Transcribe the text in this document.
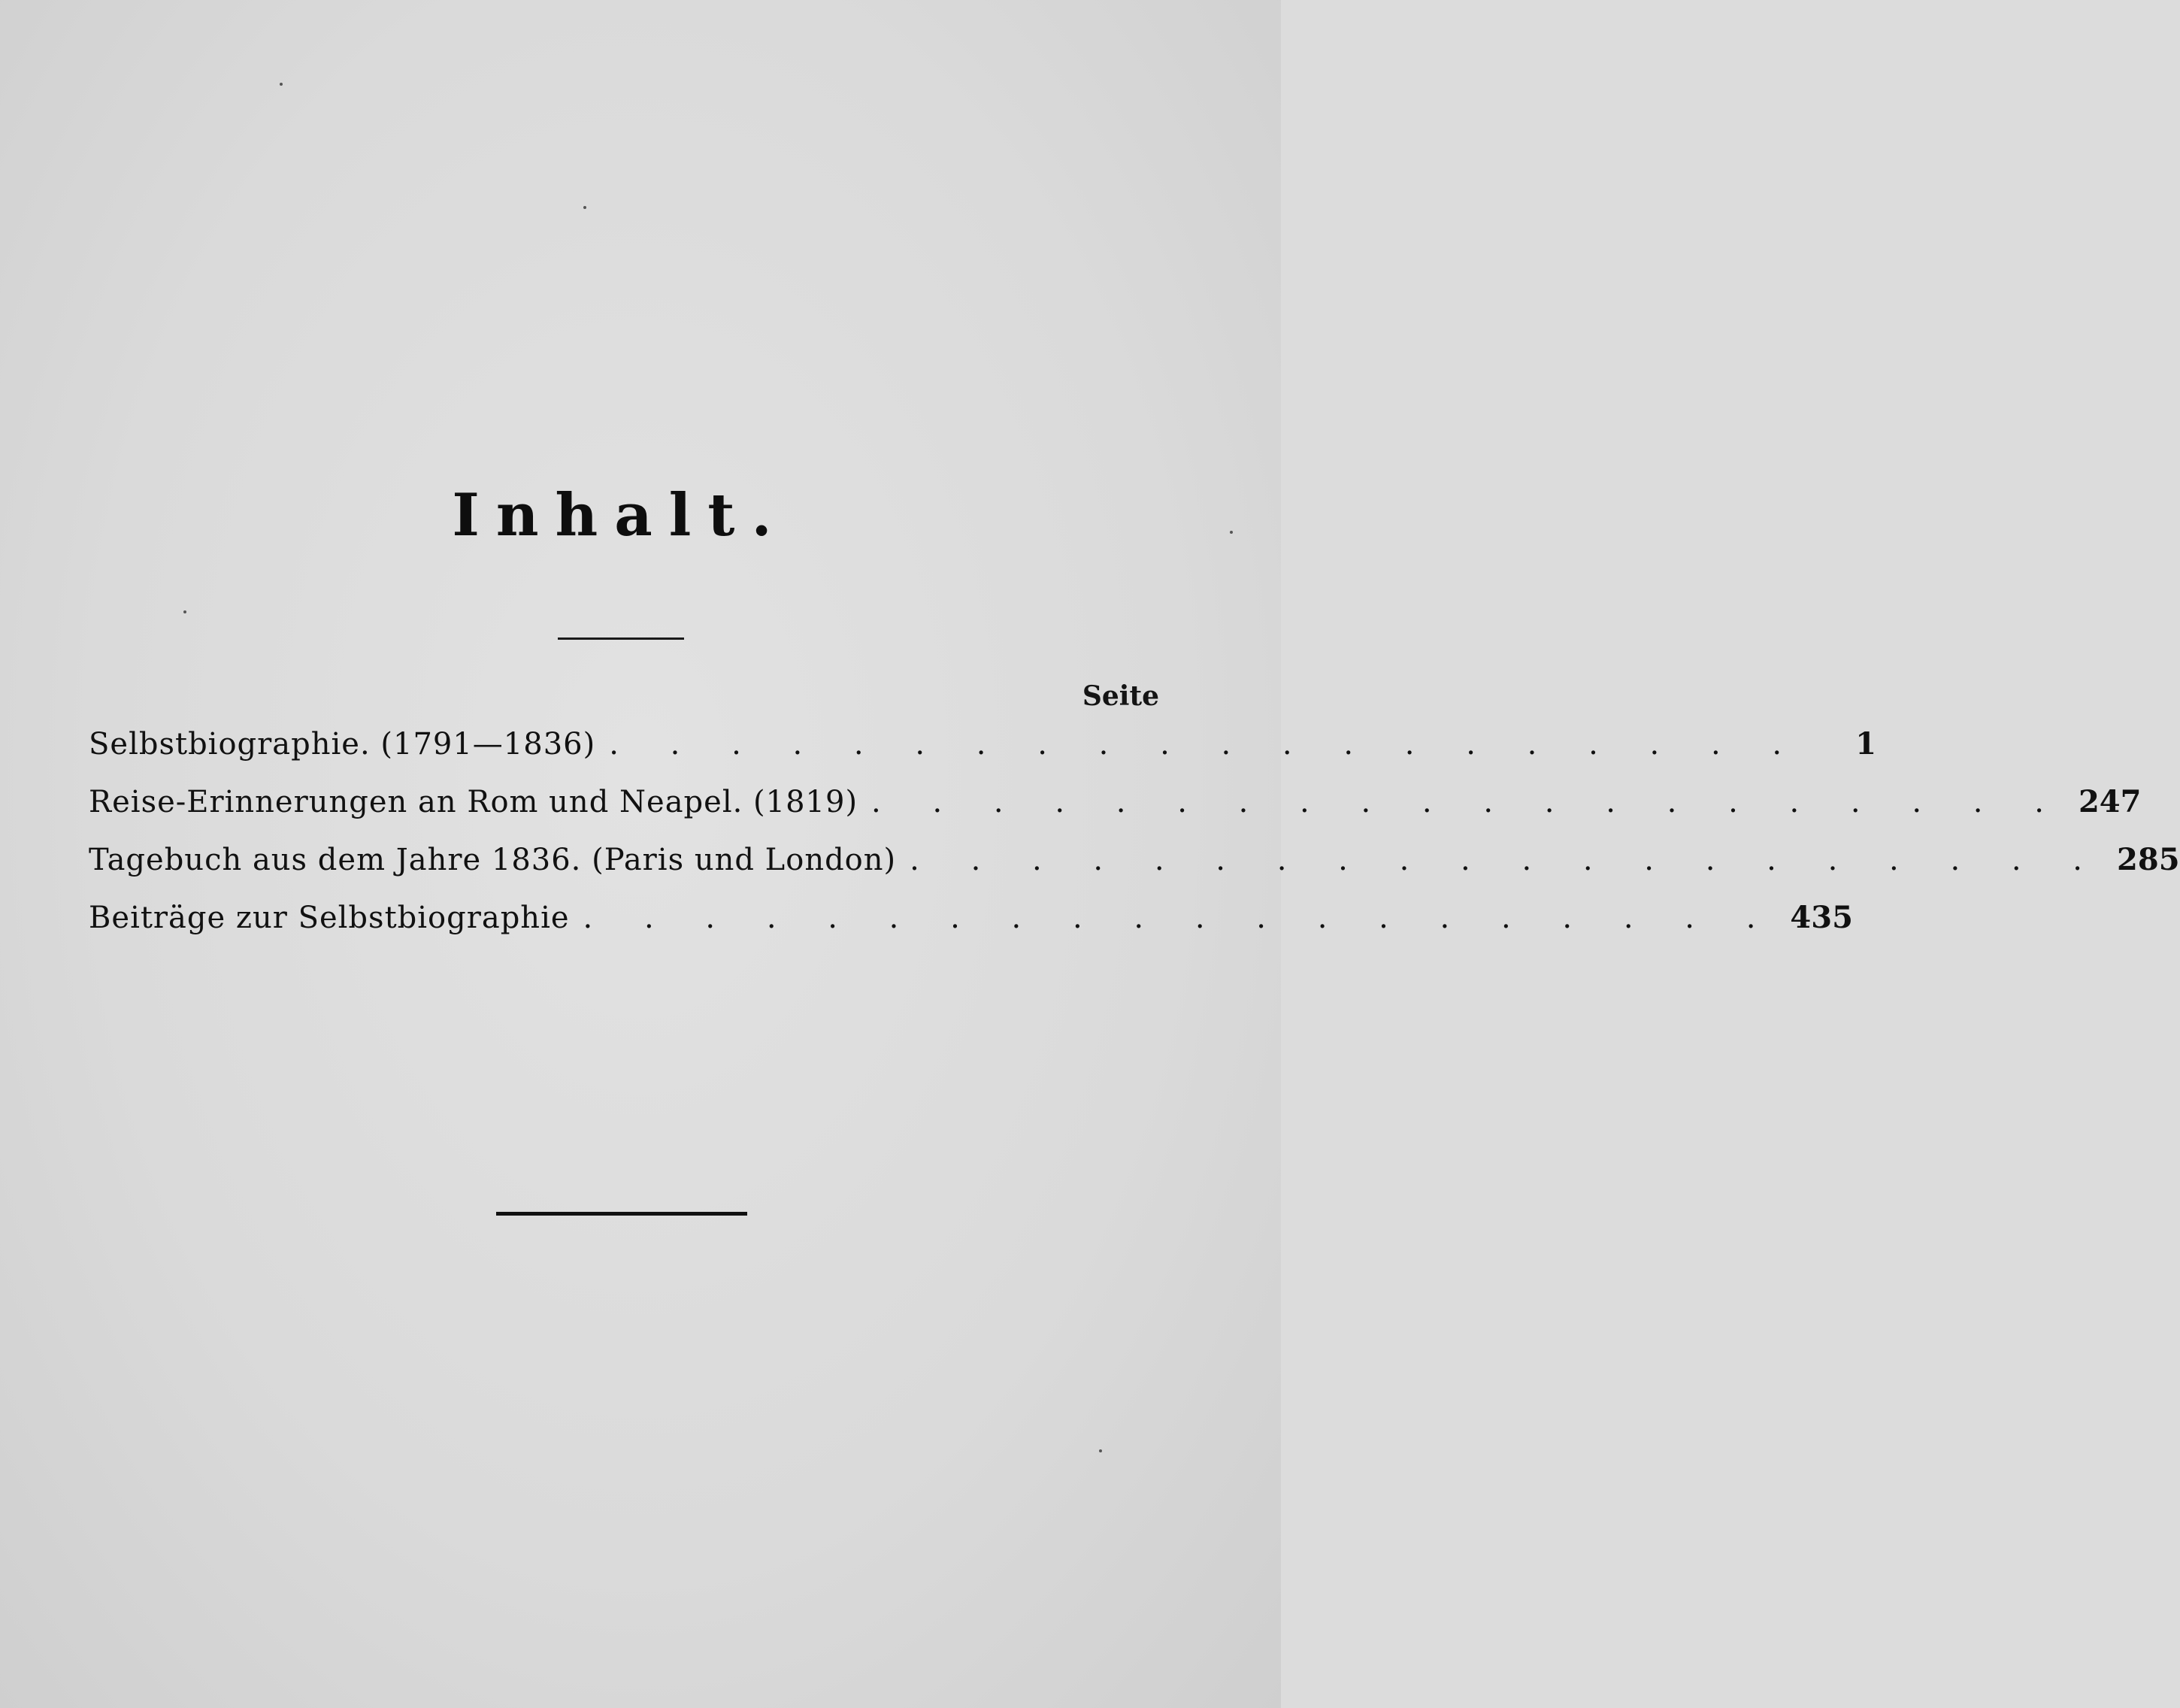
Inhalt.
Seite
Selbstbiographie. (1791—1836) . . . . . . . . . . . . . . . . . . . .	1
Reise-Erinnerungen an Rom und Neapel. (1819) . . . . . . . . . . . . . . . . . . . . 247
Tagebuch aus dem Jahre 1836. (Paris und London) . . . . . . . . . . . . . . . . . . . . 285
Beiträge zur Selbstbiographie . . . . . . . . . . . . . . . . . . . . 435
